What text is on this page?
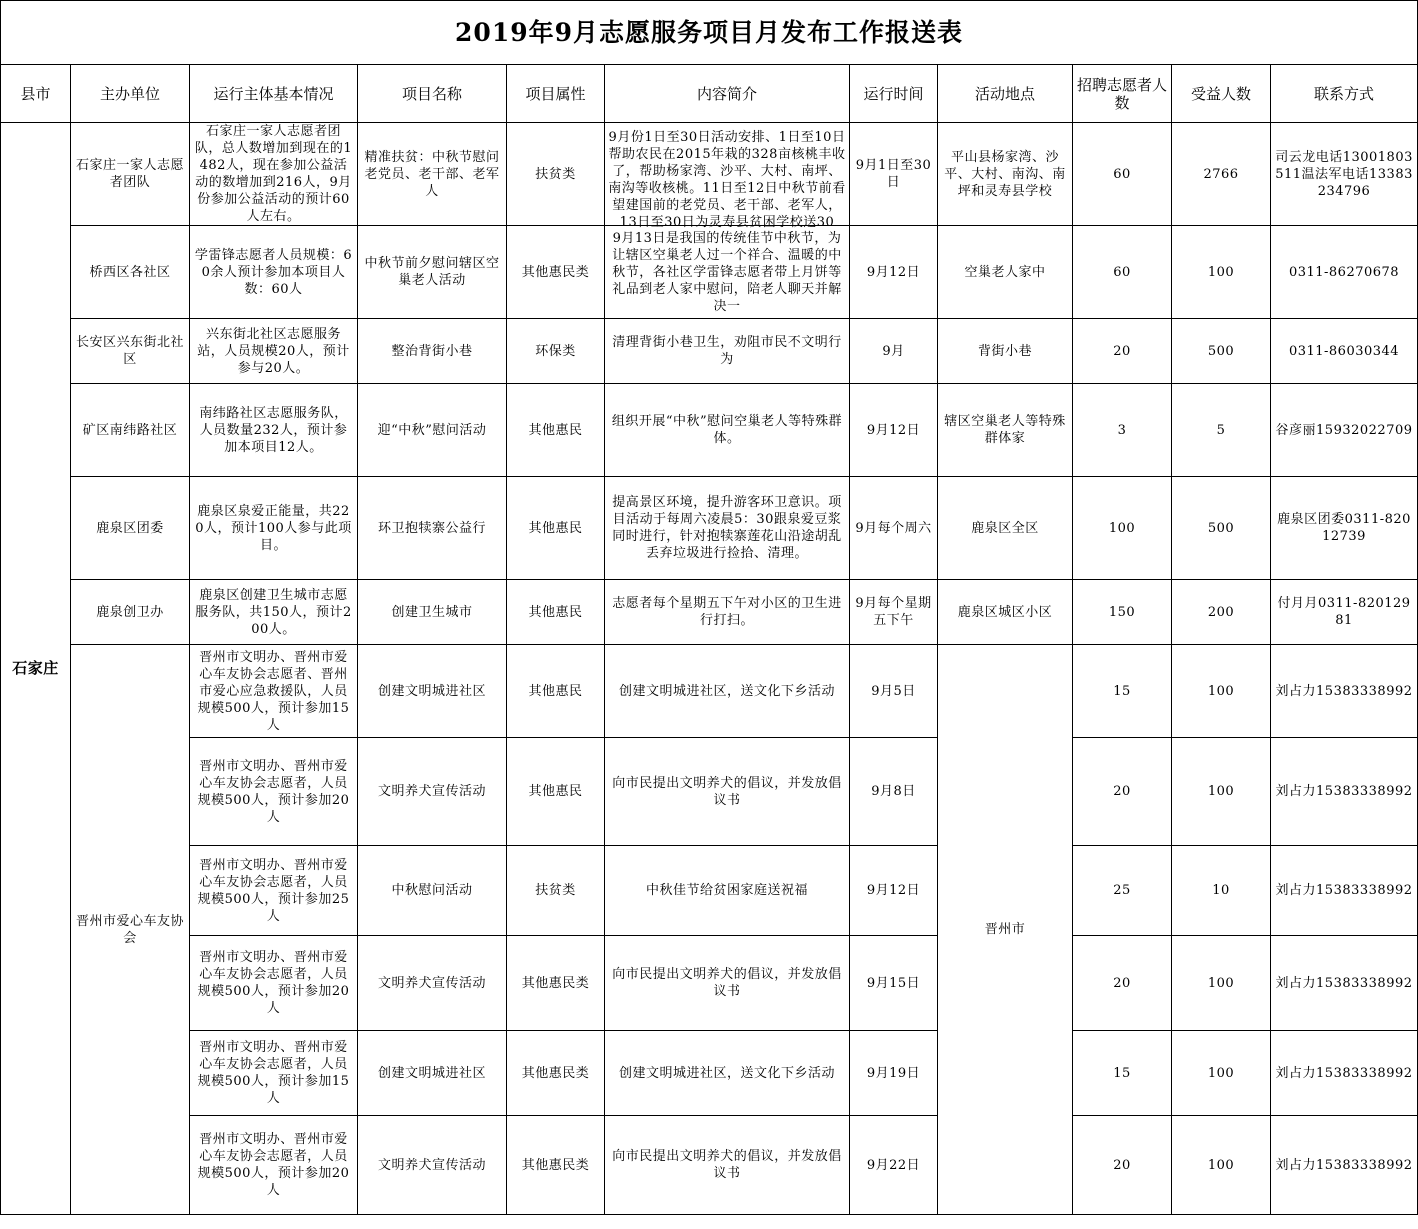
2019年9月志愿服务项目月发布工作报送表										
县市	主办单位	运行主体基本情况	项目名称	项目属性	内容简介	运行时间	活动地点	招聘志愿者人数	受益人数	联系方式
石家庄	石家庄一家人志愿者团队	石家庄一家人志愿者团队，总人数增加到现在的1482人，现在参加公益活动的数增加到216人，9月份参加公益活动的预计60人左右。	精准扶贫：中秋节慰问老党员、老干部、老军人	扶贫类	9月份1日至30日活动安排、1日至10日帮助农民在2015年栽的328亩核桃丰收了，帮助杨家湾、沙平、大村、南坪、南沟等收核桃。11日至12日中秋节前看望建国前的老党员、老干部、老军人，13日至30日为灵寿县贫困学校送30	9月1日至30日	平山县杨家湾、沙平、大村、南沟、南坪和灵寿县学校	60	2766	司云龙电话13001803511温法军电话13383234796
	桥西区各社区	学雷锋志愿者人员规模：60余人预计参加本项目人数：60人	中秋节前夕慰问辖区空巢老人活动	其他惠民类	9月13日是我国的传统佳节中秋节，为让辖区空巢老人过一个祥合、温暖的中秋节，各社区学雷锋志愿者带上月饼等礼品到老人家中慰问，陪老人聊天并解决一	9月12日	空巢老人家中	60	100	0311-86270678
	长安区兴东街北社区	兴东街北社区志愿服务站，人员规模20人，预计参与20人。	整治背街小巷	环保类	清理背街小巷卫生，劝阻市民不文明行为	9月	背街小巷	20	500	0311-86030344
	矿区南纬路社区	南纬路社区志愿服务队，人员数量232人，预计参加本项目12人。	迎“中秋”慰问活动	其他惠民	组织开展“中秋”慰问空巢老人等特殊群体。	9月12日	辖区空巢老人等特殊群体家	3	5	谷彦丽15932022709
	鹿泉区团委	鹿泉区泉爱正能量，共220人，预计100人参与此项目。	环卫抱犊寨公益行	其他惠民	提高景区环境，提升游客环卫意识。项目活动于每周六凌晨5：30跟泉爱豆浆同时进行，针对抱犊寨莲花山沿途胡乱丢弃垃圾进行捡拾、清理。	9月每个周六	鹿泉区全区	100	500	鹿泉区团委0311-82012739
	鹿泉创卫办	鹿泉区创建卫生城市志愿服务队，共150人，预计200人。	创建卫生城市	其他惠民	志愿者每个星期五下午对小区的卫生进行打扫。	9月每个星期五下午	鹿泉区城区小区	150	200	付月月0311-82012981
	晋州市爱心车友协会	晋州市文明办、晋州市爱心车友协会志愿者、晋州市爱心应急救援队，人员规模500人，预计参加15人	创建文明城进社区	其他惠民	创建文明城进社区，送文化下乡活动	9月5日	晋州市	15	100	刘占力15383338992
		晋州市文明办、晋州市爱心车友协会志愿者，人员规模500人，预计参加20人	文明养犬宣传活动	其他惠民	向市民提出文明养犬的倡议，并发放倡议书	9月8日		20	100	刘占力15383338992
		晋州市文明办、晋州市爱心车友协会志愿者，人员规模500人，预计参加25人	中秋慰问活动	扶贫类	中秋佳节给贫困家庭送祝福	9月12日		25	10	刘占力15383338992
		晋州市文明办、晋州市爱心车友协会志愿者，人员规模500人，预计参加20人	文明养犬宣传活动	其他惠民类	向市民提出文明养犬的倡议，并发放倡议书	9月15日		20	100	刘占力15383338992
		晋州市文明办、晋州市爱心车友协会志愿者，人员规模500人，预计参加15人	创建文明城进社区	其他惠民类	创建文明城进社区，送文化下乡活动	9月19日		15	100	刘占力15383338992
		晋州市文明办、晋州市爱心车友协会志愿者，人员规模500人，预计参加20人	文明养犬宣传活动	其他惠民类	向市民提出文明养犬的倡议，并发放倡议书	9月22日		20	100	刘占力15383338992
